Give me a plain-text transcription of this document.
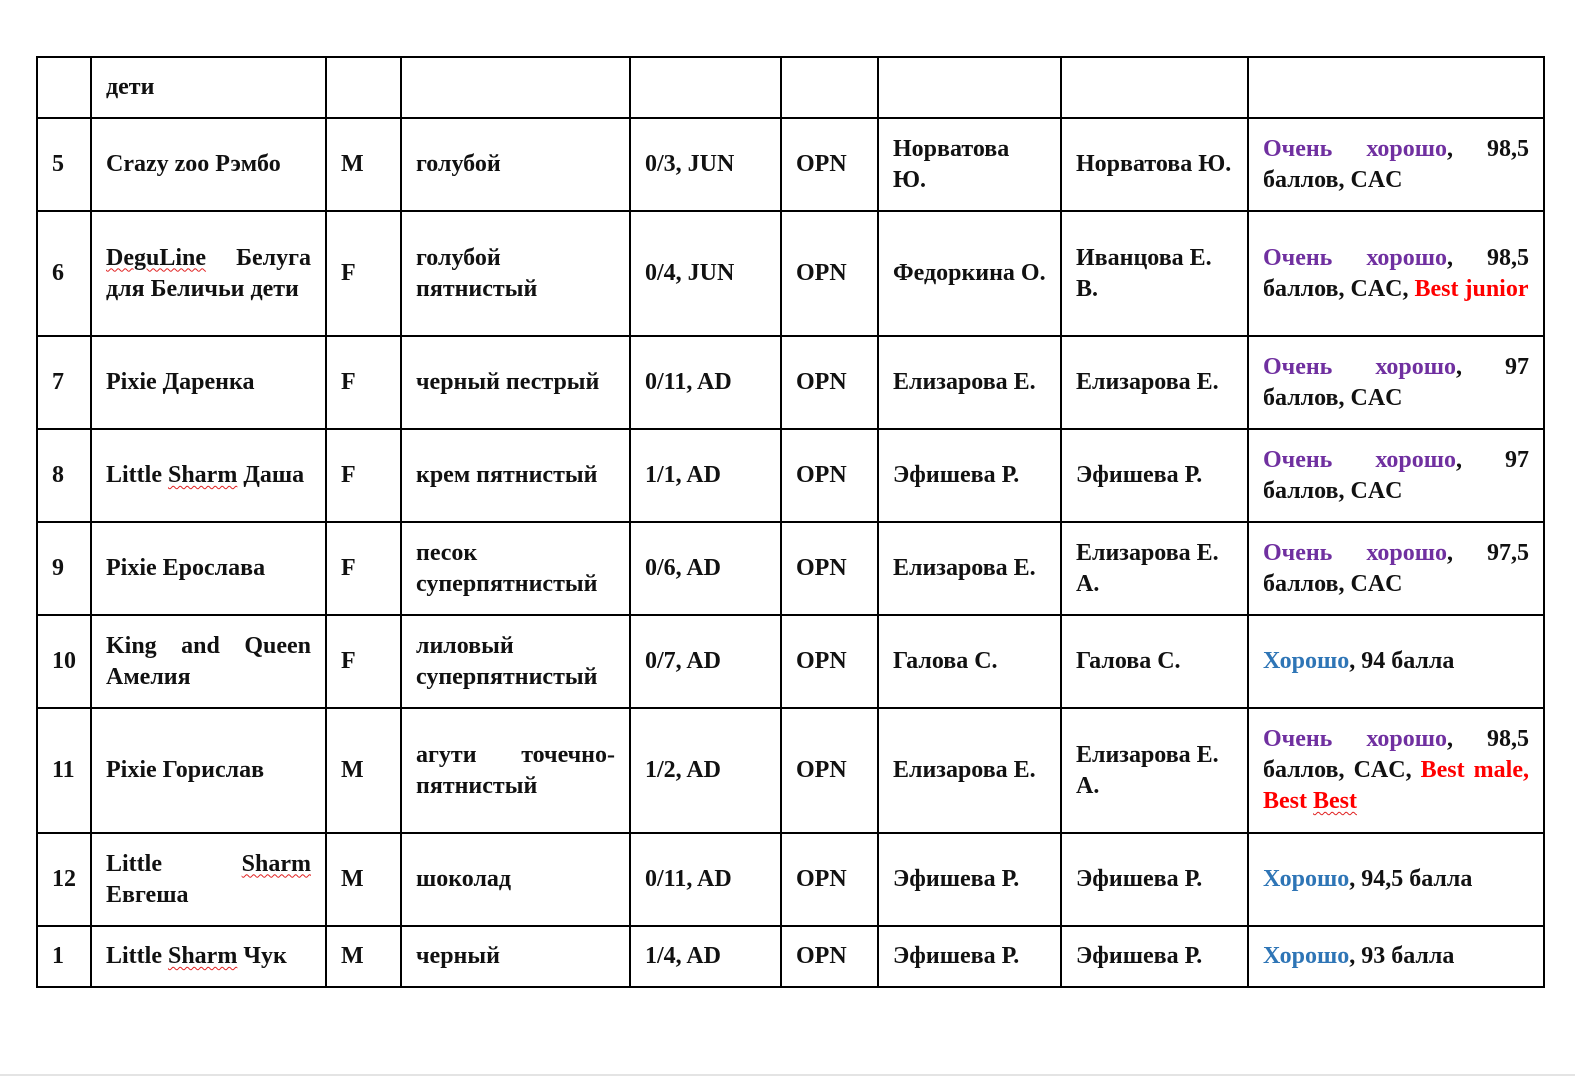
	дети							
5	Crazy zoo Рэмбо	M	голубой	0/3, JUN	OPN	Норватова Ю.	Норватова Ю.	Очень хорошо, 98,5 баллов, CAC
6	DeguLine Белуга для Беличьи дети	F	голубой пятнистый	0/4, JUN	OPN	Федоркина О.	Иванцова Е. В.	Очень хорошо, 98,5 баллов, CAC, Best junior
7	Pixie Даренка	F	черный пестрый	0/11, AD	OPN	Елизарова Е.	Елизарова Е.	Очень хорошо, 97 баллов, CAC
8	Little Sharm Даша	F	крем пятнистый	1/1, AD	OPN	Эфишева Р.	Эфишева Р.	Очень хорошо, 97 баллов, CAC
9	Pixie Ерослава	F	песок суперпятнистый	0/6, AD	OPN	Елизарова Е.	Елизарова Е. А.	Очень хорошо, 97,5 баллов, CAC
10	King and Queen Амелия	F	лиловый суперпятнистый	0/7, AD	OPN	Галова С.	Галова С.	Хорошо, 94 балла
11	Pixie Горислав	M	агути точечно-пятнистый	1/2, AD	OPN	Елизарова Е.	Елизарова Е. А.	Очень хорошо, 98,5 баллов, CAC, Best male, Best Best
12	Little Sharm Евгеша	M	шоколад	0/11, AD	OPN	Эфишева Р.	Эфишева Р.	Хорошо, 94,5 балла
1	Little Sharm Чук	M	черный	1/4, AD	OPN	Эфишева Р.	Эфишева Р.	Хорошо, 93 балла
